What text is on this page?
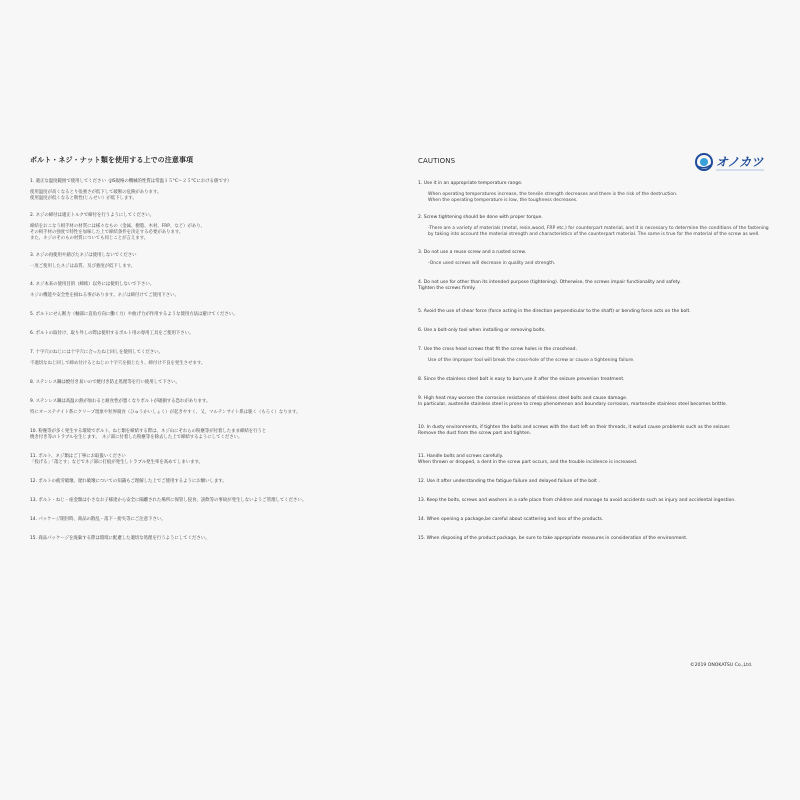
ボルト・ネジ・ナット類を使用する上での注意事項
1. 適正な温度範囲で使用してください（JIS規格の機械的性質は常温１５°C〜２５°Cにおける値です）
使用温度が高くなるとり張強さが低下して破断の危険があります。
使用温度が低くなると靭性(じんせい）が低下します。
2. ネジの締付は適正トルクで締付を行うようにしてください。
締結をおこなう相手材の材質には様々なもの（金属、樹脂、木材、FRP、など）があり、
その相手材の強度で特性を加味した上で締結条件を決定する必要があります。
また、ネジのそのもの材質についても同じことが言えます。
3. ネジの再使用や錆びたネジは使用しないでください
一度ご使用したネジは品質、及び強度が低下します。
4. ネジ本来の使用目的（締結）以外には使用しないで下さい。
ネジの機能や安全性を損ねる事があります。ネジは締付けてご使用下さい。
5. ボルトにせん断力（軸部に直角方向に働く力）や曲げ力が作用するような使用方法は避けてください。
6. ボルトの取付け、取り外しの際は使用するボルト用の専用工具をご使用下さい。
7. 十字穴のねじには十字穴に合ったねじ回しを使用してください。
不適切なねじ回しで締め付けるとねじの十字穴を損じたり、締付け不良を発生させます。
8. ステンレス鋼は焼付き易いので焼付き防止処理等を行い使用して下さい。
9. ステンレス鋼は高温の熱が加わると耐食性が悪くなりボルトが破損する恐れがあります。
特にオーステナイト系にクリープ現象や粒界腐食（ひゅうかいしょく）が起きやすく、又、マルテンサイト系は脆く（もろく）なります。
10. 粉塵等が多く発生する環境でボルト、ねじ類を締結する際は、ネジ山にそれらの粉塵等が付着したまま締結を行うと
焼き付き等のトラブルを生じます。　ネジ部に付着した粉塵等を除去した上で締結するようにしてください。
11. ボルト、ネジ類はご丁寧にお取扱いください
「投げる」「落とす」などでネジ部に打痕が発生しトラブル発生率を高めてしまいます。
12. ボルトの疲労破壊、遅れ破壊についての知識もご理解した上でご使用するようにお願いします。
13. ボルト・ねじ・座金類は小さなお子様達から安全に隔離された場所に保管し侵食、誤飲等の事故が発生しないようご管理してください。
14. パッケージ開封時、商品の散乱・落下・紛失等にご注意下さい。
15. 商品パッケージを廃棄する際は環境に配慮した適切な処理を行うようにしてください。
CAUTIONS
1. Use it in an appropriate temperature range.
When operating temperatures increase, the tensile strength decreases and there is the risk of the destruction.
When the operating temperature is low, the toughness decreases.
2. Screw tightening should be done with proper torque.
-There are a variety of materials (metal, resin,wood, FRP etc.) for counterpart material, and it is necessary to determine the conditions of the fastening
by taking into account the material strength and characteristics of the counterpart material. The same is true for the material of the screw as well.
3. Do not use a reuse screw and a rusted screw.
-Once used screws will decrease in quality and strength.
4. Do not use for other than its intended purpose (tightening). Otherwise, the screws impair functionality and safety.
Tighten the screws firmly.
5. Avoid the use of shear force (force acting in the direction perpendicular to the shaft) or bending force acts on the bolt.
6. Use a bolt-only tool when installing or removing bolts.
7. Use the cross head screws that fit the screw holes in the crosshead.
Use of the improper tool will break the cross-hole of the screw or cause a tightening failure.
8. Since the stainless steel bolt is easy to burn,use it after the seizure prevenion treatment.
9. High heat may worsen the corrosion resistance of stainless steel bolts and cause damage.
In particular, austenite stainless steel is prone to creep phenomenon and boundary corrosion, martensite stainless steel becomes brittle.
10. In dusty environments, if tighten the bolts and screws with the dust left on their threads, it wolud cause problemls such as the seizuer.
Remove the dust from the screw part and tighten.
11. Handle bolts and screws carefully.
When thrown or dropped, a dent in the screw part occurs, and the trouble incidence is increased.
12. Use it after understanding the fatigue failure and delayed failure of the bolt .
13. Keep the bolts, screws and washers in a safe place from children and manage to avoid accidents such as injury and accidental ingestion.
14. When opening a package,be careful about scattering and loss of the products.
15. When disposing of the product package, be sure to take appropriate measures in consideration of the environment.
オノカツ
©2019 ONOKATSU Co.,Ltd.
